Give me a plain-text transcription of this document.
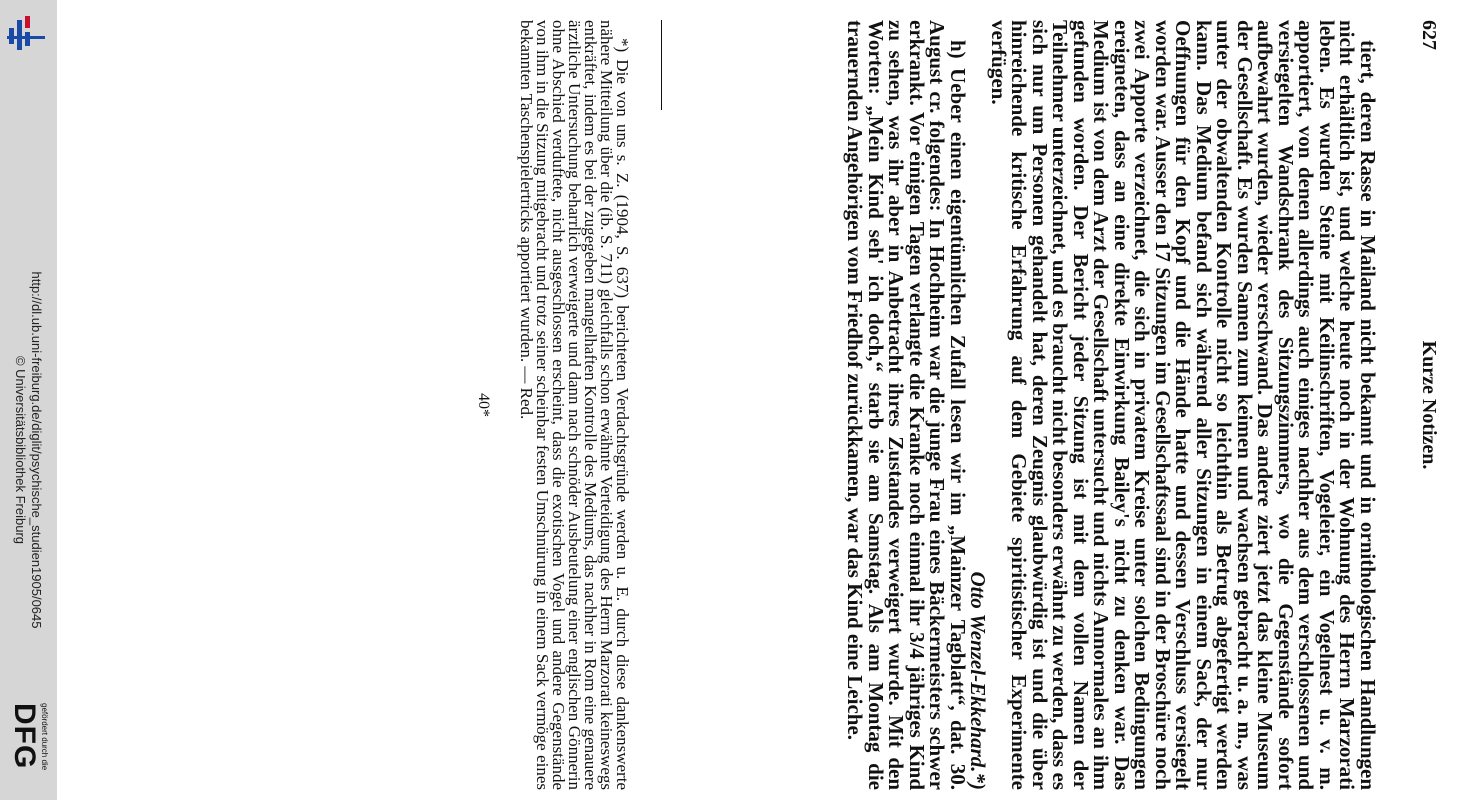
http://dl.ub.uni-freiburg.de/diglit/psychische_studien1905/0645
© Universitätsbibliothek Freiburg
gefördert durch die
DFG
Kurze Notizen.
627

tiert, deren Rasse in Mailand nicht bekannt und in ornithologischen Handlungen nicht erhältlich ist, und welche heute noch in der Wohnung des Herrn Marzorati leben. Es wurden Steine mit Keilinschriften, Vogeleier, ein Vogelnest u. v. m. apportiert, von denen allerdings auch einiges nachher aus dem verschlossenen und versiegelten Wandschrank des Sitzungszimmers, wo die Gegenstände sofort aufbewahrt wurden, wieder verschwand. Das andere ziert jetzt das kleine Museum der Gesellschaft. Es wurden Samen zum keimen und wachsen gebracht u. a. m., was unter der obwaltenden Kontrolle nicht so leichthin als Betrug abgefertigt werden kann. Das Medium befand sich während aller Sitzungen in einem Sack, der nur Oeffnungen für den Kopf und die Hände hatte und dessen Verschluss versiegelt worden war. Ausser den 17 Sitzungen im Gesellschaftssaal sind in der Broschüre noch zwei Apporte verzeichnet, die sich in privatem Kreise unter solchen Bedingungen ereigneten, dass an eine direkte Einwirkung Bailey's nicht zu denken war. Das Medium ist von dem Arzt der Gesellschaft untersucht und nichts Annormales an ihm gefunden worden. Der Bericht jeder Sitzung ist mit dem vollen Namen der Teilnehmer unterzeichnet, und es braucht nicht besonders erwähnt zu werden, dass es sich nur um Personen gehandelt hat, deren Zeugnis glaubwürdig ist und die über hinreichende kritische Erfahrung auf dem Gebiete spiritistischer Experimente verfügen.

Otto Wenzel-Ekkehard.*)

h) Ueber einen eigentümlichen Zufall lesen wir im „Mainzer Tagblatt“, dat. 30. August cr. folgendes: In Hochheim war die junge Frau eines Bäckermeisters schwer erkrankt. Vor einigen Tagen verlangte die Kranke noch einmal ihr 3/4 jähriges Kind zu sehen, was ihr aber in Anbetracht ihres Zustandes verweigert wurde. Mit den Worten: „Mein Kind seh' ich doch,“ starb sie am Samstag. Als am Montag die trauernden Angehörigen vom Friedhof zurückkamen, war das Kind eine Leiche.

*) Die von uns s. Z. (1904, S. 637) berichteten Verdachtsgründe werden u. E. durch diese dankenswerte nähere Mitteilung über die (ib. S. 711) gleichfalls schon erwähnte Verteidigung des Herrn Marzorati keineswegs entkräftet, indem es bei der zugegeben mangelhaften Kontrolle des Mediums, das nachher in Rom eine genauere ärztliche Untersuchung beharrlich verweigerte und dann nach schnöder Ausbeutelung einer englischen Gönnerin ohne Abschied verduftete, nicht ausgeschlossen erscheint, dass die exotischen Vogel und andere Gegenstände von ihm in die Sitzung mitgebracht und trotz seiner scheinbar festen Umschnürung in einem Sack vermöge eines bekannten Taschenspielertricks apportiert wurden. — Red.

40*
